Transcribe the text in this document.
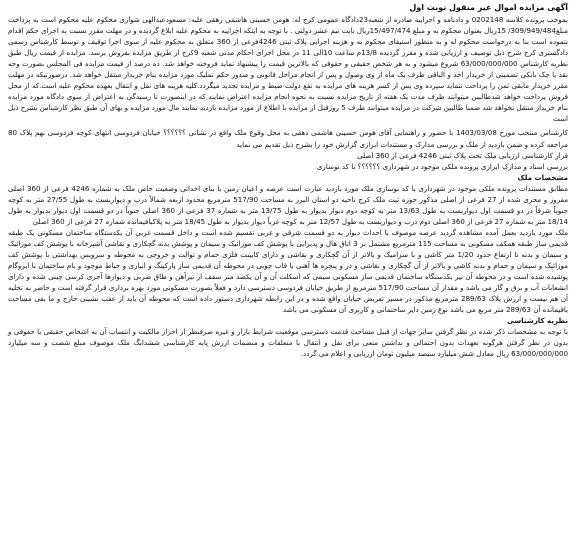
آگهی مزایده اموال غیر منقول نوبت اول

بموجب پرونده کلاسه 0202148 و دادنامه و اجراییه صادره از شعبه23دادگاه عمومی کرج له: هومن حسینی هاشمی رهقی علیه: مسعودعبدالهی شوازی محکوم علیه محکوم است به پرداخت مبلغ309/949/484/ 15ریال بعنوان محکوم به و مبلغ 15/497/474ریال بابت نیم عشر دولتی . با توجه به اینکه اجراییه به محکوم علیه ابلاغ گردیده و در مهلت مقرر نسبت به اجرای حکم اقدام ننموده است بنا به درخواست محکوم له و به منظور استیفای محکوم به و هزینه اجرایی پلاک ثبتی 4246فرعی از 360 متعلق به محکوم علیه از سوی اجرا توقیف و توسط کارشناس رسمی دادگستری کرج شرح ذیل توصیف و ارزیابی شده و مقرر گردیده 13/8م ساعت 10الی 11 در محل اجرای احکام مدنی شعبه 9کرج از طریق مزایده بفروش برسد. مزایده از قیمت ریال طبق نظریه کارشناس 63/000/000/000 شروع میشود و به هر شخص حقیقی و حقوقی که بالاترین قیمت را پیشنهاد نماید فروخته خواهد شد. ده درصد از قیمت مزایده فی المجلس بصورت وجه نقد یا چک بانکی تضمینی از خریدار اخذ و الباقی ظرف یک ماه از وی وصول و پس از انجام مراحل قانونی و صدور حکم تملیک مورد مزایده بنام خریدار منتقل خواهد شد. درصورتیکه در مهلت مقرر خریدار مابقی ثمن را پرداخت ننماید سپرده وی پس از کسر هزینه های مزایده به نفع دولت ضبط و مزایده تجدید میگردد.کلیه هزینه های نقل و انتقال بعهده محکوم علیه است.که از محل فروش پرداخت خواهد شدطالبین میتوانند ظرف مدت یک هفته از تاریخ مزایده نسبت به نحوه انجام مزایده اعتراض نمایند که در اینصورت تا رسیدگی به اعتراض از سوی دادگاه مورد مزایده بنام خریدار منتقل نخواهد شد ضمنا طالبین شرکت در مزایده میتوانند ظرف 5 روزقبل از مزایده با اطلاع از مورد مزایده بازدید نمایند مال مورد مزایده و بهای آن طبق نظر کارشناس بشرح ذیل است

کارشناس منتخب مورخ 1403/03/08 با حضور و راهنمایی آقای هومن حسینی هاشمی دهقی به محل وقوع ملک واقع در نشانی ؟؟؟؟؟؟ خیابان فردوسی انتهای کوچه فردوسی نهم پلاک 80 مراجعه کرده و ضمن بازدید از ملک و بررسی مدارک و مستندات ابرازی گزارش خود را بشرح ذیل تقدیم می نماید

قرار کارشناسی ارزیابی ملک تحت پلاک ثبتی 4246 فرعی از 360 اصلی

بررسی اسناد و مدارک ابرازی پرونده ملکی موجود در شهرداری ؟؟؟؟؟؟ با کد نوسازی

مشخصات ملک

مطابق مستندات پرونده ملکی موجود در شهرداری با کد نوسازی ملک مورد بازدید عبارت است عرصه و اعیان زمین با بنای احداثی وضعیت خاص ملک به شماره 4246 فرعی از 360 اصلی مفروز و مجزی شده از 27 فرعی از اصلی مذکور حوزه ثبت ملک کرج ناحیه دو استان البرز به مساحت 517/90 مترمربع محدود ازبعه شمالاً درب و دیواریست به طول 27/55 متر به کوچه جنوباً شرقاً در دو قسمت اول دیواریست به طول 13/63 متر به کوچه دوم دیوار بدیوار به طول 13/75 متر به شماره 37 فرعی از 360 اصلی جنوباً در دو قسمت اول دیوار بدیوار به طول 18/14 متر به شماره 27 فرعی از 360 اصلی دوم درب و دیواریست به طول 12/57 متر به کوچه غرباً دیوار بدیوار به طول 18/45 متر به پلاکباقیمانده شماره 27 فرعی از 360 اصلی

ملک مورد بازدید بعمل آمده مشاهده گردید عرصه موصوف با احداث دیوار به دو قسمت شرقی و غربی تقسیم شده است و داخل قسمت غربی آن یکدستگاه ساختمان مسکونی یک طبقه قدیمی ساز طبقه همکف مسکونی به مساحت 115 مترمربع مشتمل بر 3 اتاق هال و پذیرایی با پوشش کف موزائیک و سیمان و پوشش بدنه گچکاری و نقاشی آشپزخانه با پوشش کف موزائیک و سیمان و بدنه تا ارتفاع حدود 1/20 متر کاشی و با سرامیک و بالاتر از آن گچکاری و نقاشی و دارای کابینت فلزی حمام و توالت و خروجی به محوطه و سرویس بهداشتی با پوشش کف موزائیک و سیمان و حمام و بدنه کاشی و بالاتر از آن گچکاری و نقاشی و در و پنجره ها آهنی با قاب چوبی در محوطه آن قدیمی ساز پارکینگ و انباری و حیاط موجود و بام ساختمان با ایزوگام پوشیده شده است و در محوطه آن نیز یکدستگاه ساختمان قدیمی ساز مسکونی سیمی که اسکلت آن و آن یکصد متر سقف از تیرآهن و طاق ضربی و دیوارها آجری کرسی چینی شده و دارای انشعابات آب و برق و گاز می باشد و مقدار آن مساحت 517/90 مترمربع از طریق خیابان فردوسی دسترسی دارد و فعلاً بصورت مسکونی مورد بهره برداری قرار گرفته است و حاضر به تخلیه آن هم نیست و ارزش پلاک 289/63 مترمربع مذکور در مسیر تعریض خیابان واقع شده و در این رابطه شهرداری دستور داده است که محوطه آن باید از عقب نشینی خارج و ما بقی مساحت باقیمانده آن 289/63 متر مربع می باشد نوع زمین دایر ساختمانی و کاربری آن مسکونی می باشد

نظریه کارشناسی

با توجه به مشخصات ذکر شده در نظر گرفتن سایر جهات از قبیل مساحت قدمت دسترسی موقعیت شرایط بازار و غیره صرفنظر از احراز مالکیت و انتساب آن به اشخاص حقیقی یا حقوقی و بدون در نظر گرفتن هرگونه تعهدات بدون احتمالی و نداشتن منعی برای نقل و انتقال با متعلقات و منضمات ارزش پایه کارشناسی ششدانگ ملک موصوف مبلغ شصت و سه میلیارد 63/000/000/000 ریال معادل شش میلیارد سیصد میلیون تومان ارزیابی و اعلام می گردد.
